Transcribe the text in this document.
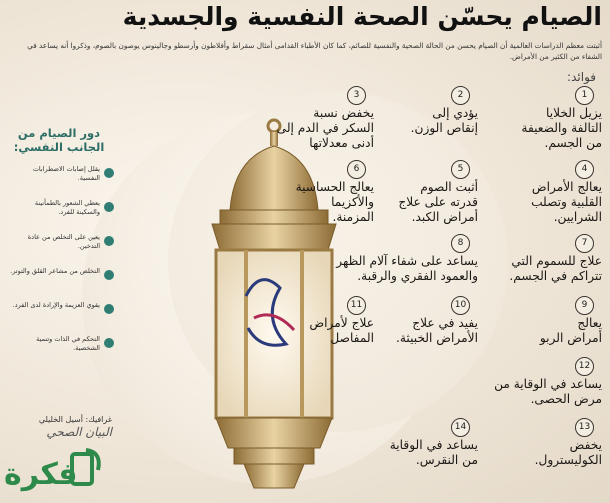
الصيام يحسّن الصحة النفسية والجسدية

أثبتت معظم الدراسات العالمية أن الصيام يحسن من الحالة الصحية والنفسية للصائم، كما كان الأطباء القدامى أمثال سقراط وأفلاطون وأرسطو وجالينوس يوصون بالصوم، وذكروا أنه يساعد في الشفاء من الكثير من الأمراض.

فوائد:
1
يزيل الخلايا
التالفة والضعيفة
من الجسم.
4
يعالج الأمراض
القلبية وتصلب
الشرايين.
7
علاج للسموم التي
تتراكم في الجسم.
9
يعالج
أمراض الربو
12
يساعد في الوقاية من
مرض الحصى.
13
يخفض
الكوليسترول.
2
يؤدي إلى
إنقاص الوزن.
5
أثبت الصوم
قدرته على علاج
أمراض الكبد.
8
يساعد على شفاء آلام الظهر
والعمود الفقري والرقبة.
10
يفيد في علاج
الأمراض الخبيثة.
14
يساعد في الوقاية
من النقرس.
3
يخفض نسبة
السكر في الدم إلى
أدنى معدلاتها
6
يعالج الحساسية
والأكزيما
المزمنة.
11
علاج لأمراض
المفاصل
دور الصيام من الجانب النفسي:
يقلل إصابات الاضطرابات النفسية.
يعطي الشعور بالطمأنينة والسكينة للفرد.
يعين على التخلص من عادة التدخين.
التخلص من مشاعر القلق والتوتر.
يقوي العزيمة والإرادة لدى الفرد.
التحكم في الذات وتنمية الشخصية.
غرافيك: أسيل الخليلي
البيان الصحي
فكرة
